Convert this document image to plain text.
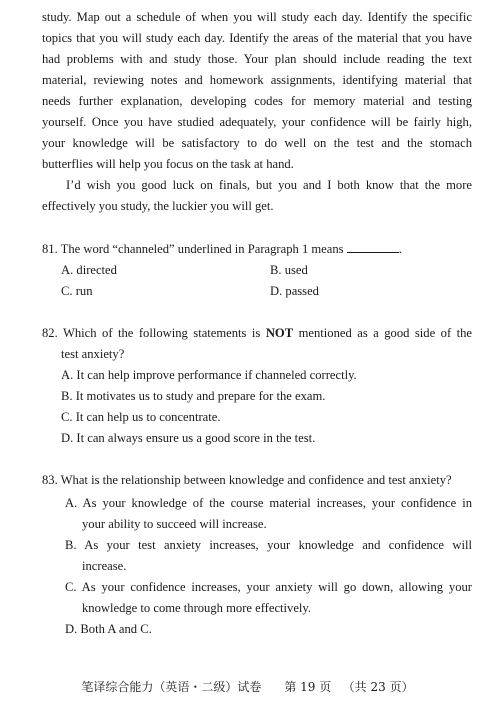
study. Map out a schedule of when you will study each day. Identify the specific
topics that you will study each day. Identify the areas of the material that you have
had problems with and study those. Your plan should include reading the text
material, reviewing notes and homework assignments, identifying material that
needs further explanation, developing codes for memory material and testing
yourself. Once you have studied adequately, your confidence will be fairly high,
your knowledge will be satisfactory to do well on the test and the stomach
butterflies will help you focus on the task at hand.
I’d wish you good luck on finals, but you and I both know that the more
effectively you study, the luckier you will get.
81. The word “channeled” underlined in Paragraph 1 means	.
A. directed	B. used
C. run	D. passed
82. Which of the following statements is NOT mentioned as a good side of the
test anxiety?
A. It can help improve performance if channeled correctly.
B. It motivates us to study and prepare for the exam.
C. It can help us to concentrate.
D. It can always ensure us a good score in the test.
83. What is the relationship between knowledge and confidence and test anxiety?
A. As your knowledge of the course material increases, your confidence in
your ability to succeed will increase.
B. As your test anxiety increases, your knowledge and confidence will
increase.
C. As your confidence increases, your anxiety will go down, allowing your
knowledge to come through more effectively.
D. Both A and C.
笔译综合能力（英语・二级）试卷 第 19 页 （共 23 页）
